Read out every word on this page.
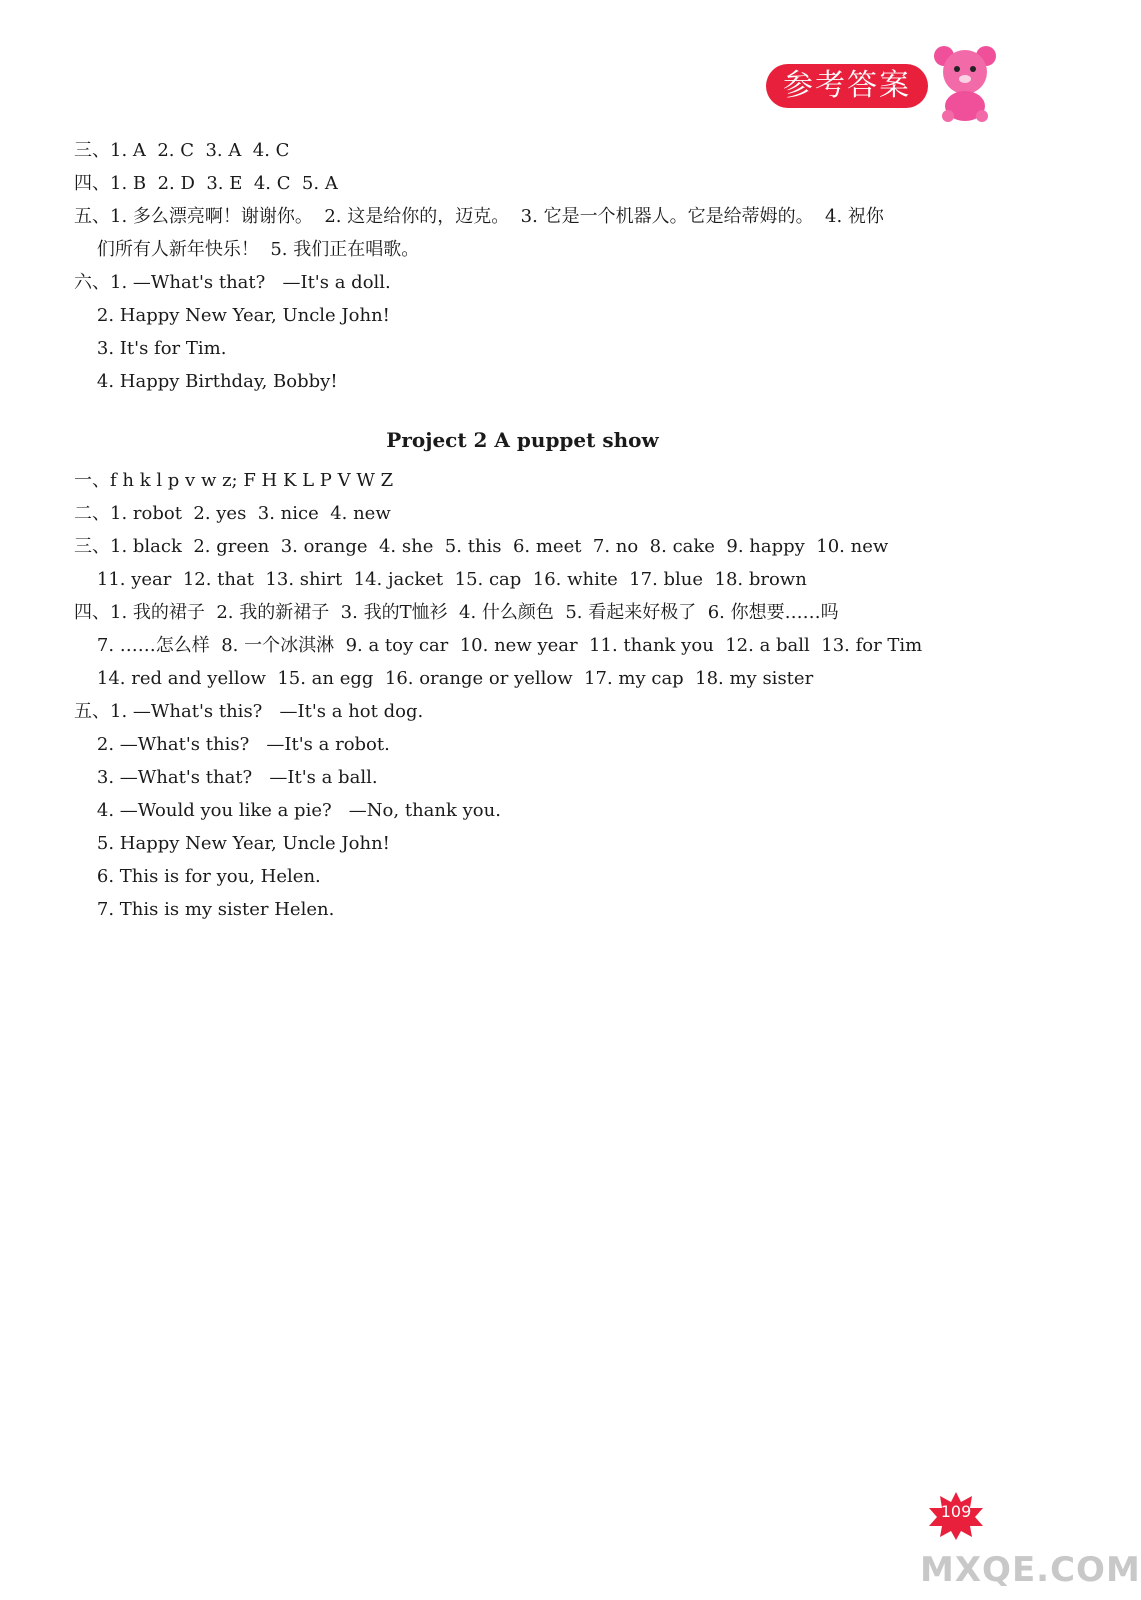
参考答案
三、1. A  2. C  3. A  4. C
四、1. B  2. D  3. E  4. C  5. A
五、1. 多么漂亮啊！谢谢你。  2. 这是给你的，迈克。  3. 它是一个机器人。它是给蒂姆的。  4. 祝你
们所有人新年快乐！  5. 我们正在唱歌。
六、1. —What's that?   —It's a doll.
2. Happy New Year, Uncle John!
3. It's for Tim.
4. Happy Birthday, Bobby!
Project 2 A puppet show
一、f h k l p v w z; F H K L P V W Z
二、1. robot  2. yes  3. nice  4. new
三、1. black  2. green  3. orange  4. she  5. this  6. meet  7. no  8. cake  9. happy  10. new
11. year  12. that  13. shirt  14. jacket  15. cap  16. white  17. blue  18. brown
四、1. 我的裙子  2. 我的新裙子  3. 我的T恤衫  4. 什么颜色  5. 看起来好极了  6. 你想要……吗
7. ……怎么样  8. 一个冰淇淋  9. a toy car  10. new year  11. thank you  12. a ball  13. for Tim
14. red and yellow  15. an egg  16. orange or yellow  17. my cap  18. my sister
五、1. —What's this?   —It's a hot dog.
2. —What's this?   —It's a robot.
3. —What's that?   —It's a ball.
4. —Would you like a pie?   —No, thank you.
5. Happy New Year, Uncle John!
6. This is for you, Helen.
7. This is my sister Helen.
109
MXQE.COM
